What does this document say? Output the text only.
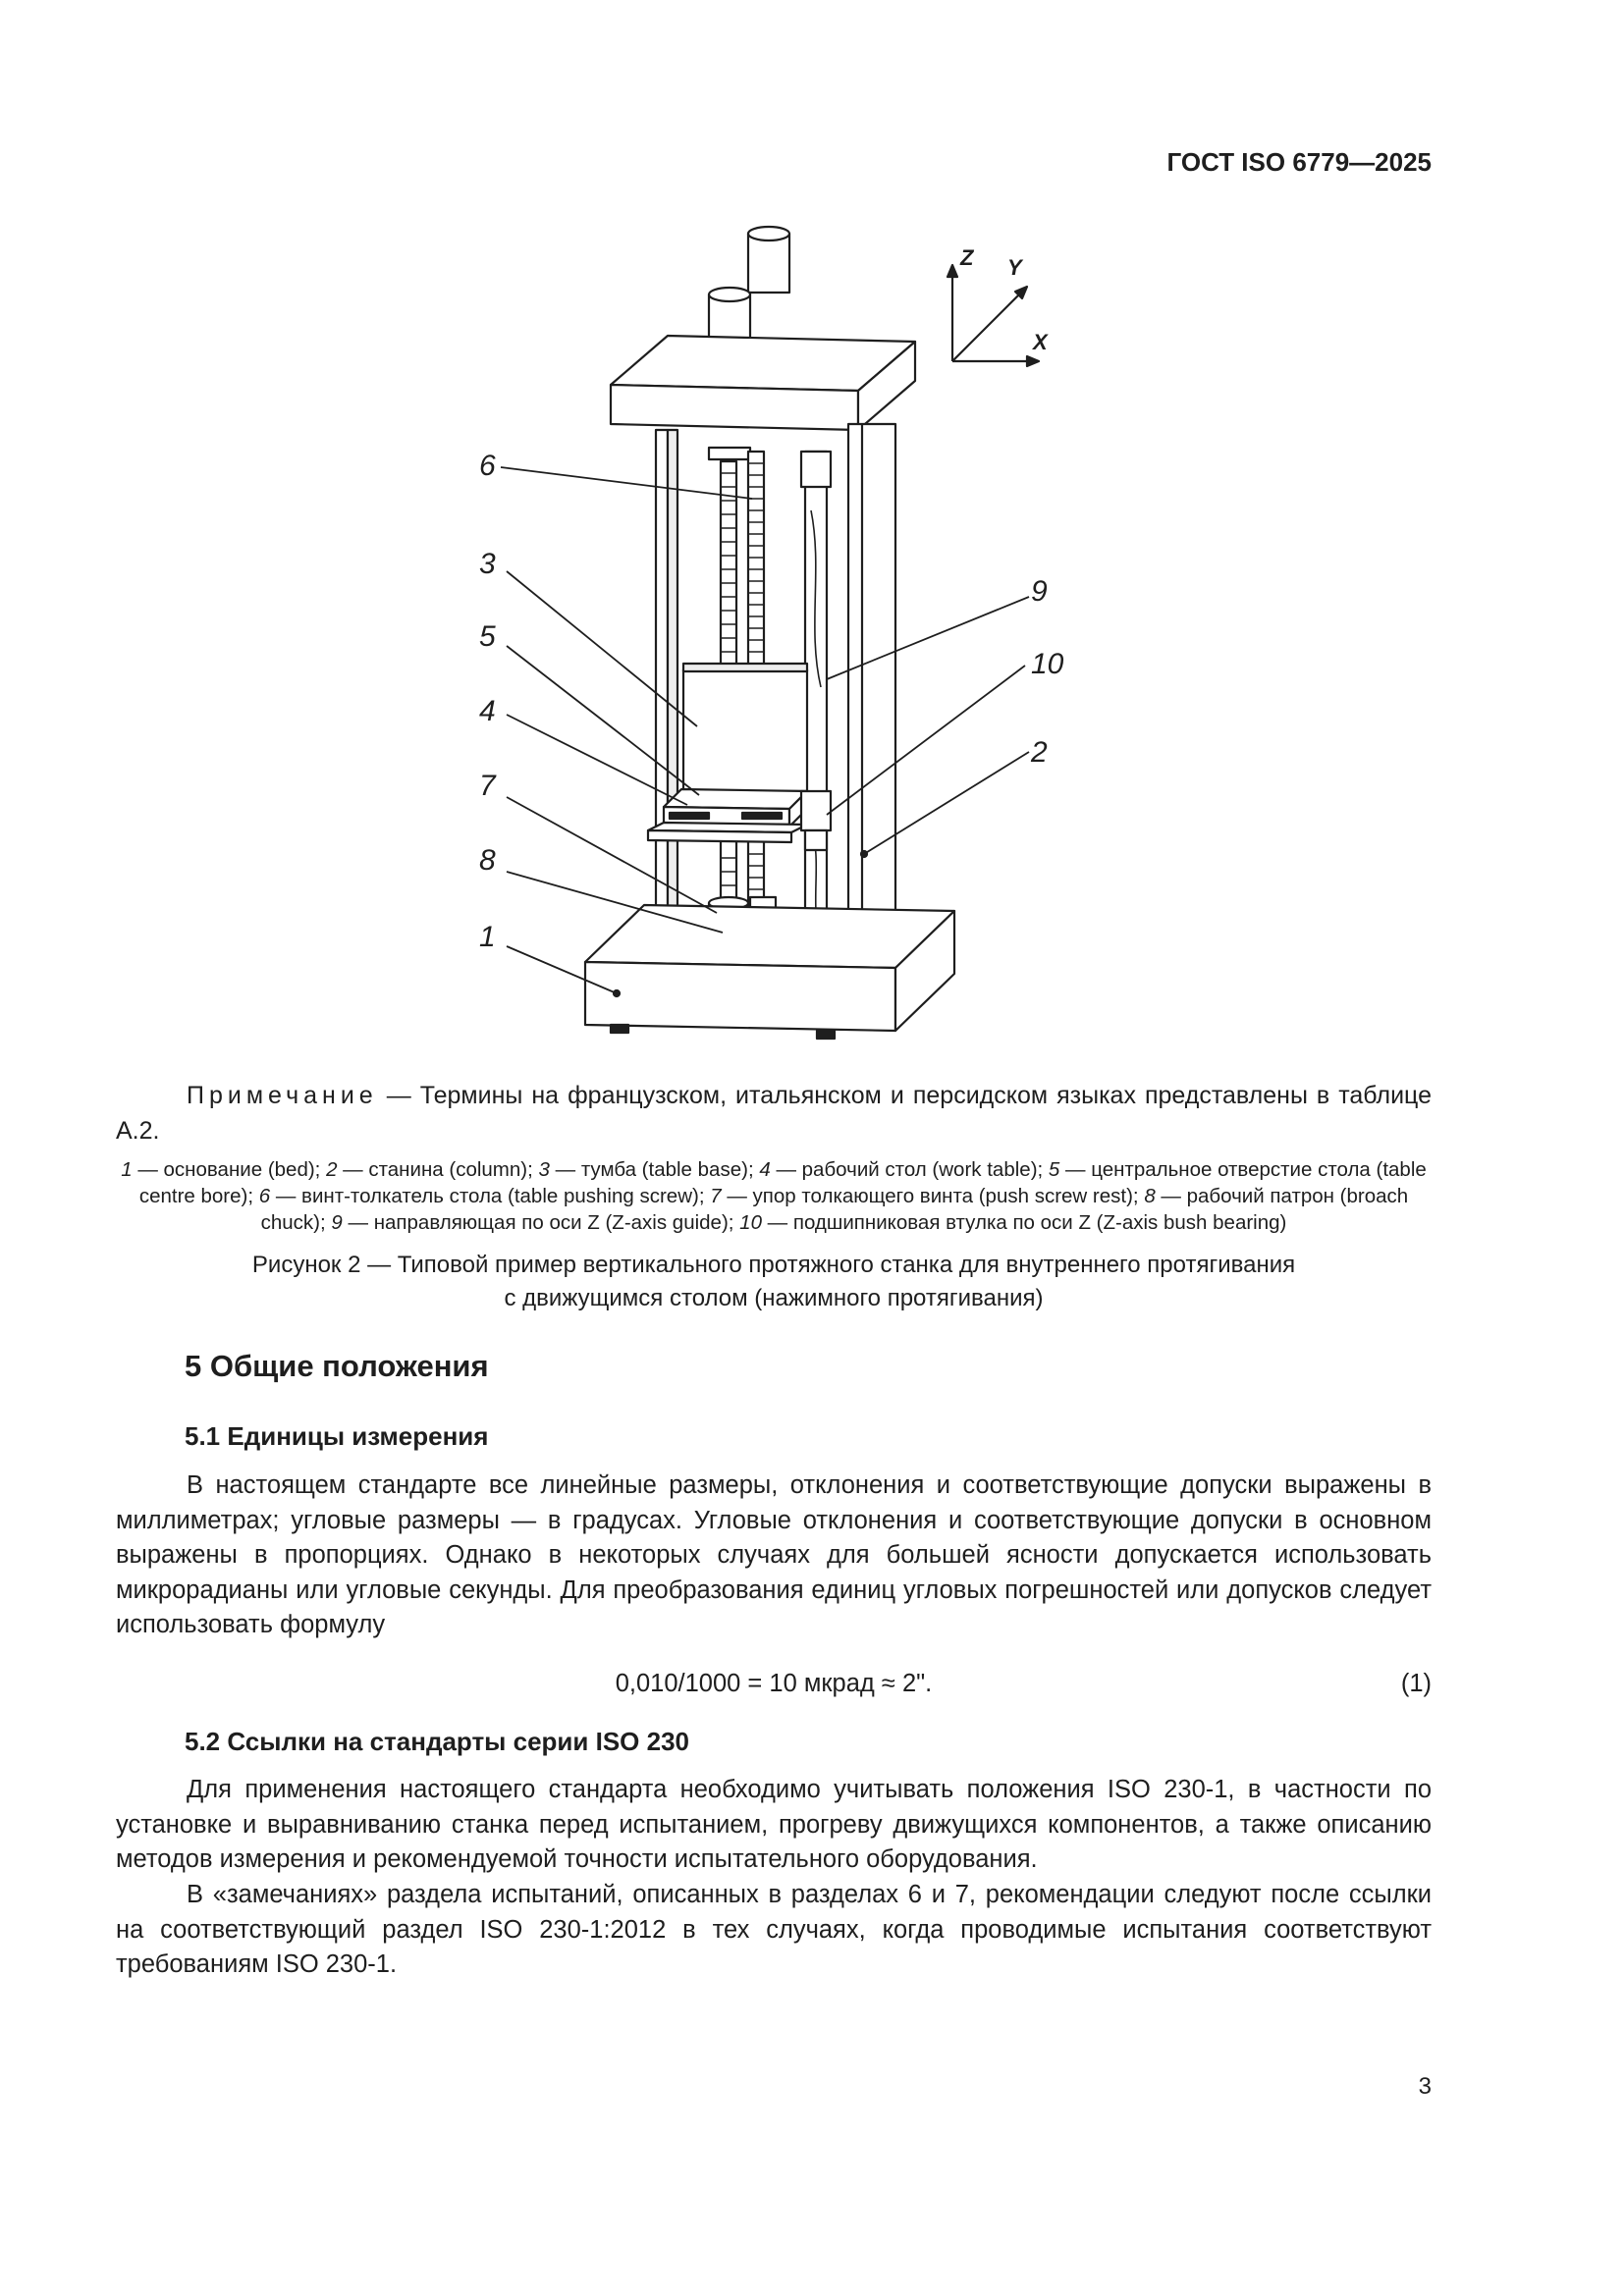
ГОСТ ISO 6779—2025
Z Y
X
6
3
5
4
7
8
1
9
10
2
Примечание — Термины на французском, итальянском и персидском языках представлены в таблице А.2.
1 — основание (bed); 2 — станина (column); 3 — тумба (table base); 4 — рабочий стол (work table); 5 — центральное отверстие стола (table centre bore); 6 — винт-толкатель стола (table pushing screw); 7 — упор толкающего винта (push screw rest); 8 — рабочий патрон (broach chuck); 9 — направляющая по оси Z (Z-axis guide); 10 — подшипниковая втулка по оси Z (Z-axis bush bearing)
Рисунок 2 — Типовой пример вертикального протяжного станка для внутреннего протягивания
с движущимся столом (нажимного протягивания)
5 Общие положения
5.1 Единицы измерения
В настоящем стандарте все линейные размеры, отклонения и соответствующие допуски выражены в миллиметрах; угловые размеры — в градусах. Угловые отклонения и соответствующие допуски в основном выражены в пропорциях. Однако в некоторых случаях для большей ясности допускается использовать микрорадианы или угловые секунды. Для преобразования единиц угловых погрешностей или допусков следует использовать формулу
0,010/1000 = 10 мкрад ≈ 2".	(1)
5.2 Ссылки на стандарты серии ISO 230
Для применения настоящего стандарта необходимо учитывать положения ISO 230-1, в частности по установке и выравниванию станка перед испытанием, прогреву движущихся компонентов, а также описанию методов измерения и рекомендуемой точности испытательного оборудования.
В «замечаниях» раздела испытаний, описанных в разделах 6 и 7, рекомендации следуют после ссылки на соответствующий раздел ISO 230-1:2012 в тех случаях, когда проводимые испытания соответствуют требованиям ISO 230-1.
3
